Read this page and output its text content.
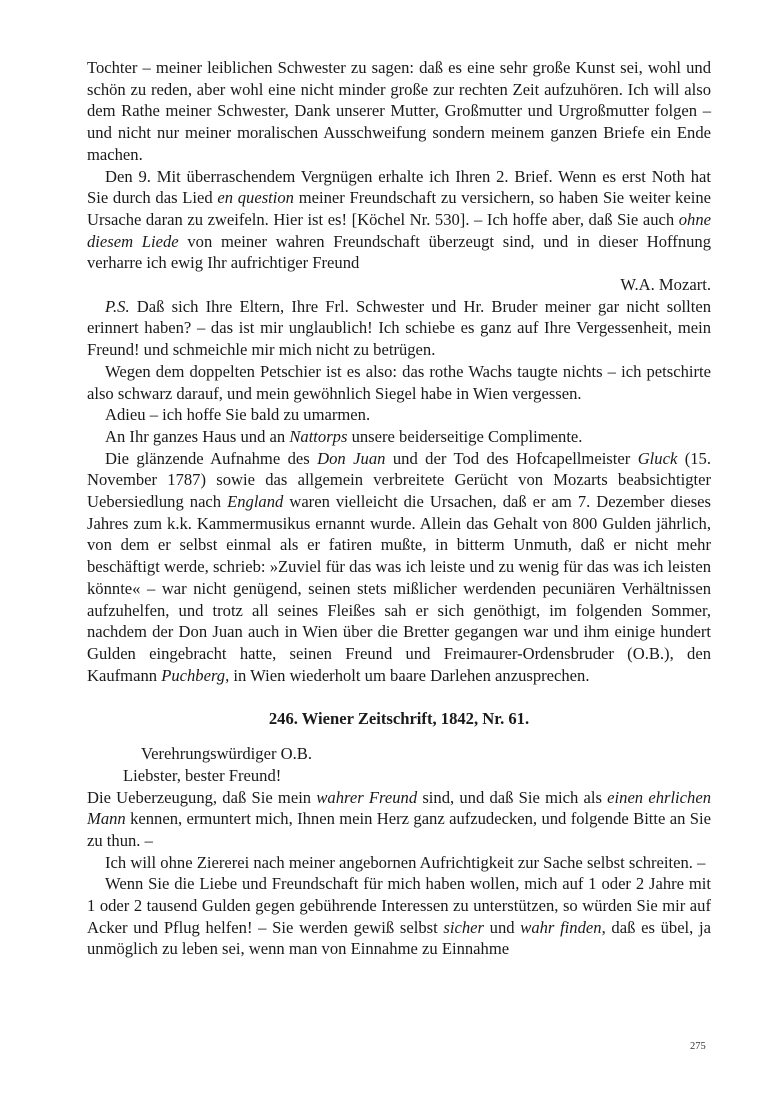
Tochter – meiner leiblichen Schwester zu sagen: daß es eine sehr große Kunst sei, wohl und schön zu reden, aber wohl eine nicht minder große zur rechten Zeit aufzuhören. Ich will also dem Rathe meiner Schwester, Dank unserer Mutter, Großmutter und Urgroßmutter folgen – und nicht nur meiner moralischen Ausschweifung sondern meinem ganzen Briefe ein Ende machen.

Den 9. Mit überraschendem Vergnügen erhalte ich Ihren 2. Brief. Wenn es erst Noth hat Sie durch das Lied en question meiner Freundschaft zu versichern, so haben Sie weiter keine Ursache daran zu zweifeln. Hier ist es! [Köchel Nr. 530]. – Ich hoffe aber, daß Sie auch ohne diesem Liede von meiner wahren Freundschaft überzeugt sind, und in dieser Hoffnung verharre ich ewig Ihr aufrichtiger Freund

W.A. Mozart.

P.S. Daß sich Ihre Eltern, Ihre Frl. Schwester und Hr. Bruder meiner gar nicht sollten erinnert haben? – das ist mir unglaublich! Ich schiebe es ganz auf Ihre Vergessenheit, mein Freund! und schmeichle mir mich nicht zu betrügen.

Wegen dem doppelten Petschier ist es also: das rothe Wachs taugte nichts – ich petschirte also schwarz darauf, und mein gewöhnlich Siegel habe in Wien vergessen.

Adieu – ich hoffe Sie bald zu umarmen.

An Ihr ganzes Haus und an Nattorps unsere beiderseitige Complimente.

Die glänzende Aufnahme des Don Juan und der Tod des Hofcapellmeister Gluck (15. November 1787) sowie das allgemein verbreitete Gerücht von Mozarts beabsichtigter Uebersiedlung nach England waren vielleicht die Ursachen, daß er am 7. Dezember dieses Jahres zum k.k. Kammermusikus ernannt wurde. Allein das Gehalt von 800 Gulden jährlich, von dem er selbst einmal als er fatiren mußte, in bitterm Unmuth, daß er nicht mehr beschäftigt werde, schrieb: »Zuviel für das was ich leiste und zu wenig für das was ich leisten könnte« – war nicht genügend, seinen stets mißlicher werdenden pecuniären Verhältnissen aufzuhelfen, und trotz all seines Fleißes sah er sich genöthigt, im folgenden Sommer, nachdem der Don Juan auch in Wien über die Bretter gegangen war und ihm einige hundert Gulden eingebracht hatte, seinen Freund und Freimaurer-Ordensbruder (O.B.), den Kaufmann Puchberg, in Wien wiederholt um baare Darlehen anzusprechen.

246. Wiener Zeitschrift, 1842, Nr. 61.

Verehrungswürdiger O.B.

Liebster, bester Freund!

Die Ueberzeugung, daß Sie mein wahrer Freund sind, und daß Sie mich als einen ehrlichen Mann kennen, ermuntert mich, Ihnen mein Herz ganz aufzudecken, und folgende Bitte an Sie zu thun. –

Ich will ohne Ziererei nach meiner angebornen Aufrichtigkeit zur Sache selbst schreiten. –

Wenn Sie die Liebe und Freundschaft für mich haben wollen, mich auf 1 oder 2 Jahre mit 1 oder 2 tausend Gulden gegen gebührende Interessen zu unterstützen, so würden Sie mir auf Acker und Pflug helfen! – Sie werden gewiß selbst sicher und wahr finden, daß es übel, ja unmöglich zu leben sei, wenn man von Einnahme zu Einnahme

275
